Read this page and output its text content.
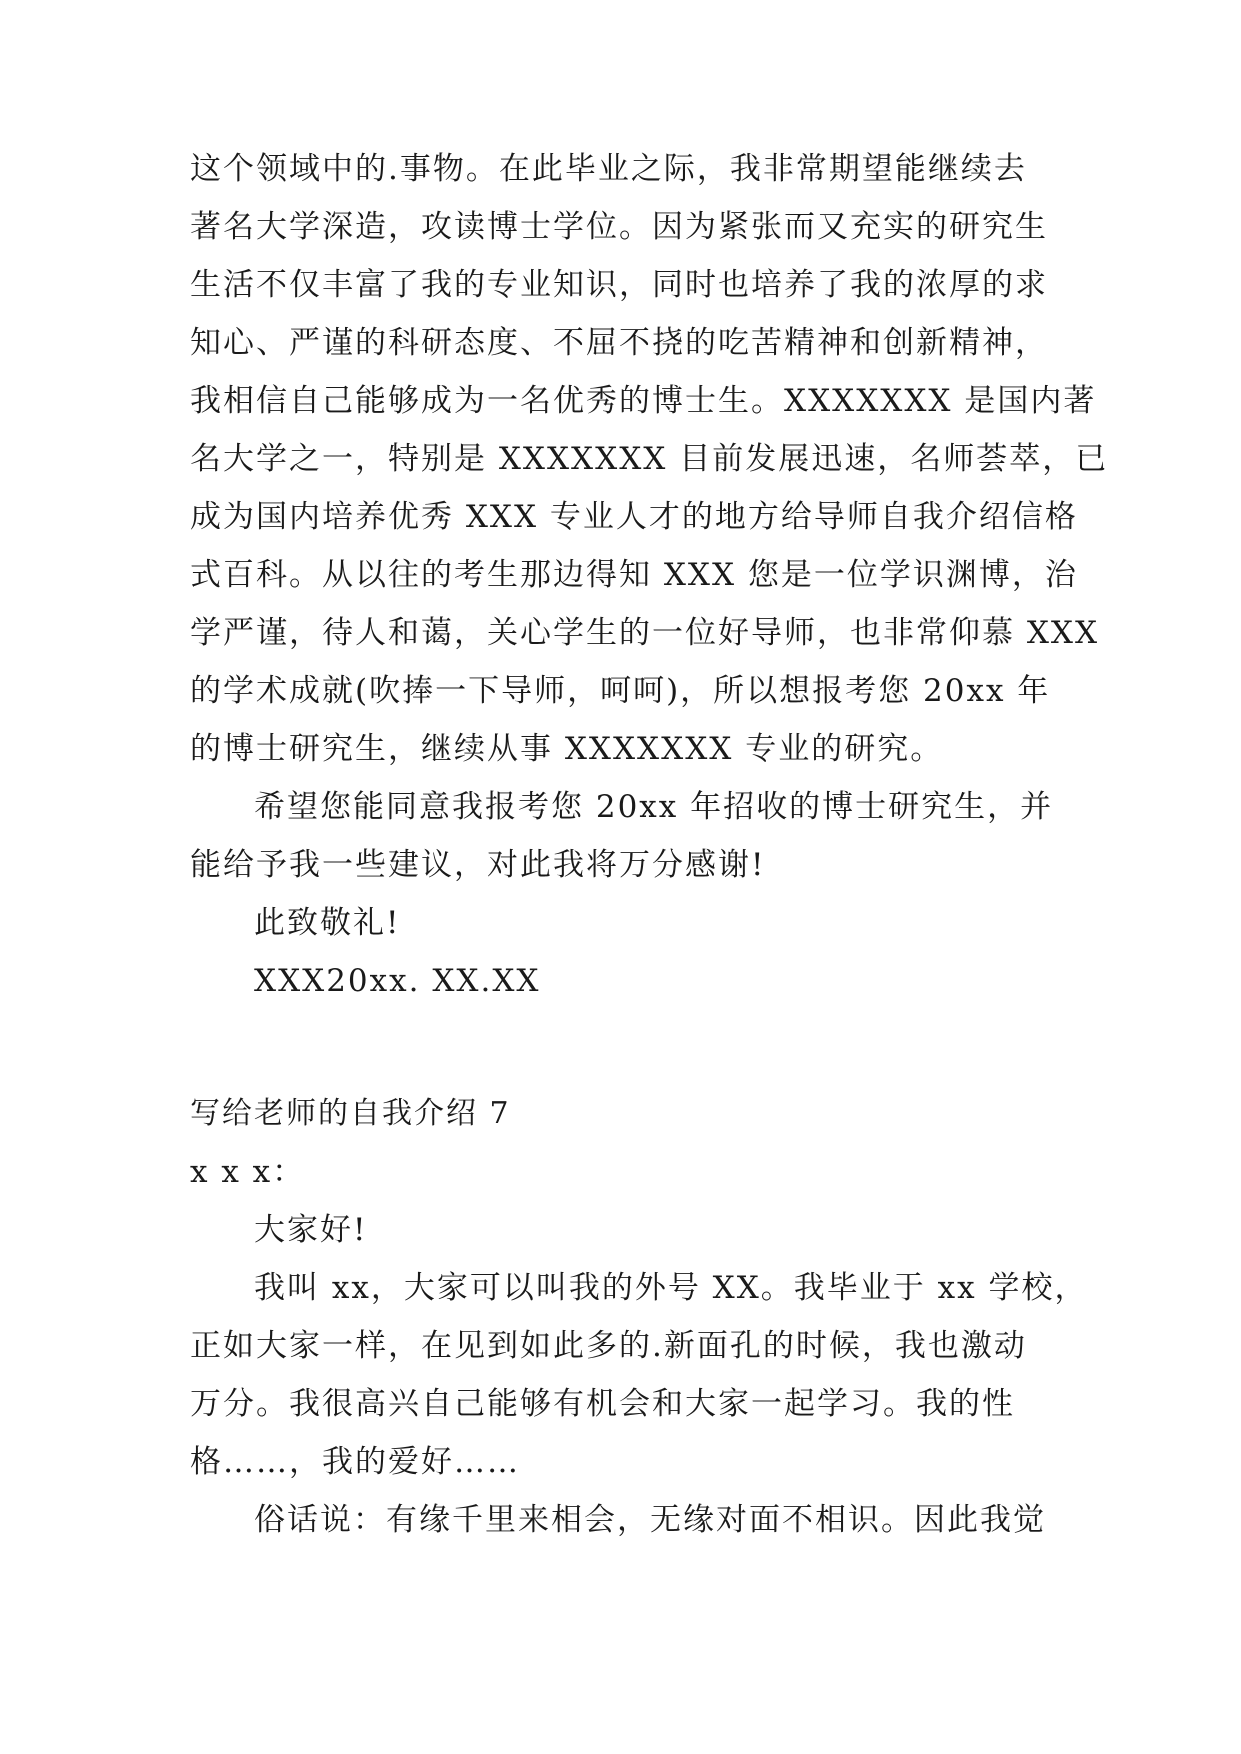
这个领域中的.事物。在此毕业之际，我非常期望能继续去
著名大学深造，攻读博士学位。因为紧张而又充实的研究生
生活不仅丰富了我的专业知识，同时也培养了我的浓厚的求
知心、严谨的科研态度、不屈不挠的吃苦精神和创新精神，
我相信自己能够成为一名优秀的博士生。XXXXXXX 是国内著
名大学之一，特别是 XXXXXXX 目前发展迅速，名师荟萃，已
成为国内培养优秀 XXX 专业人才的地方给导师自我介绍信格
式百科。从以往的考生那边得知 XXX 您是一位学识渊博，治
学严谨，待人和蔼，关心学生的一位好导师，也非常仰慕 XXX
的学术成就(吹捧一下导师，呵呵)，所以想报考您 20xx 年
的博士研究生，继续从事 XXXXXXX 专业的研究。
希望您能同意我报考您 20xx 年招收的博士研究生，并
能给予我一些建议，对此我将万分感谢!
此致敬礼!
XXX20xx. XX.XX
写给老师的自我介绍 7
x x x：
大家好!
我叫 xx，大家可以叫我的外号 XX。我毕业于 xx 学校，
正如大家一样，在见到如此多的.新面孔的时候，我也激动
万分。我很高兴自己能够有机会和大家一起学习。我的性
格……，我的爱好……
俗话说：有缘千里来相会，无缘对面不相识。因此我觉
